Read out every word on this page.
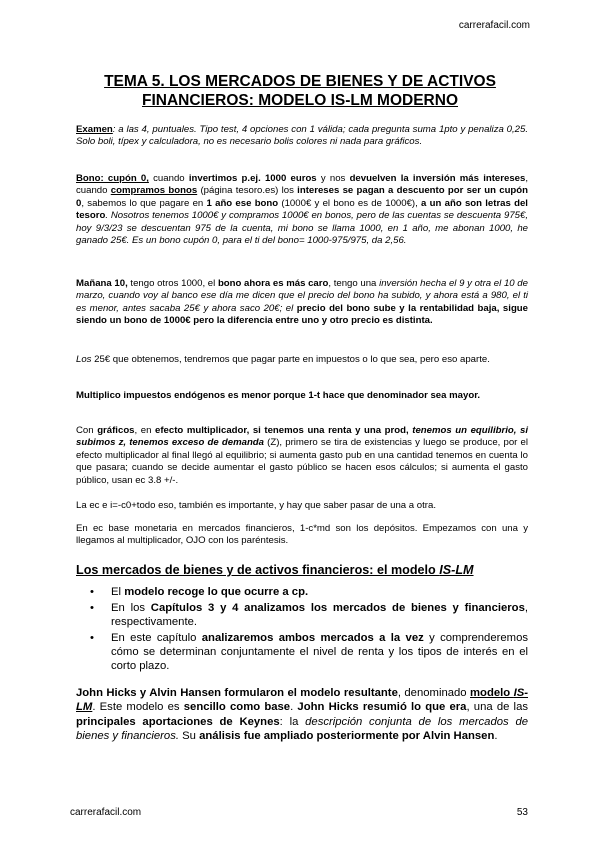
carrerafacil.com
TEMA 5. LOS MERCADOS DE BIENES Y DE ACTIVOS
FINANCIEROS: MODELO IS-LM MODERNO
Examen: a las 4, puntuales. Tipo test, 4 opciones con 1 válida; cada pregunta suma 1pto y penaliza 0,25. Solo boli, típex y calculadora, no es necesario bolis colores ni nada para gráficos.
Bono: cupón 0, cuando invertimos p.ej. 1000 euros y nos devuelven la inversión más intereses, cuando compramos bonos (página tesoro.es) los intereses se pagan a descuento por ser un cupón 0, sabemos lo que pagare en 1 año ese bono (1000€ y el bono es de 1000€), a un año son letras del tesoro. Nosotros tenemos 1000€ y compramos 1000€ en bonos, pero de las cuentas se descuenta 975€, hoy 9/3/23 se descuentan 975 de la cuenta, mi bono se llama 1000, en 1 año, me abonan 1000, he ganado 25€. Es un bono cupón 0, para el ti del bono= 1000-975/975, da 2,56.
Mañana 10, tengo otros 1000, el bono ahora es más caro, tengo una inversión hecha el 9 y otra el 10 de marzo, cuando voy al banco ese día me dicen que el precio del bono ha subido, y ahora está a 980, el ti es menor, antes sacaba 25€ y ahora saco 20€; el precio del bono sube y la rentabilidad baja, sigue siendo un bono de 1000€ pero la diferencia entre uno y otro precio es distinta.
Los 25€ que obtenemos, tendremos que pagar parte en impuestos o lo que sea, pero eso aparte.
Multiplico impuestos endógenos es menor porque 1-t hace que denominador sea mayor.
Con gráficos, en efecto multiplicador, si tenemos una renta y una prod, tenemos un equilibrio, si subimos z, tenemos exceso de demanda (Z), primero se tira de existencias y luego se produce, por el efecto multiplicador al final llegó al equilibrio; si aumenta gasto pub en una cantidad tenemos en cuenta lo que pasara; cuando se decide aumentar el gasto público se hacen esos cálculos; si aumenta el gasto público, usan ec 3.8 +/-.
La ec e i=-c0+todo eso, también es importante, y hay que saber pasar de una a otra.
En ec base monetaria en mercados financieros, 1-c*md son los depósitos. Empezamos con una y llegamos al multiplicador, OJO con los paréntesis.
Los mercados de bienes y de activos financieros: el modelo IS-LM
• El modelo recoge lo que ocurre a cp.
• En los Capítulos 3 y 4 analizamos los mercados de bienes y financieros, respectivamente.
• En este capítulo analizaremos ambos mercados a la vez y comprenderemos cómo se determinan conjuntamente el nivel de renta y los tipos de interés en el corto plazo.
John Hicks y Alvin Hansen formularon el modelo resultante, denominado modelo IS-LM. Este modelo es sencillo como base. John Hicks resumió lo que era, una de las principales aportaciones de Keynes: la descripción conjunta de los mercados de bienes y financieros. Su análisis fue ampliado posteriormente por Alvin Hansen.
carrerafacil.com	53
